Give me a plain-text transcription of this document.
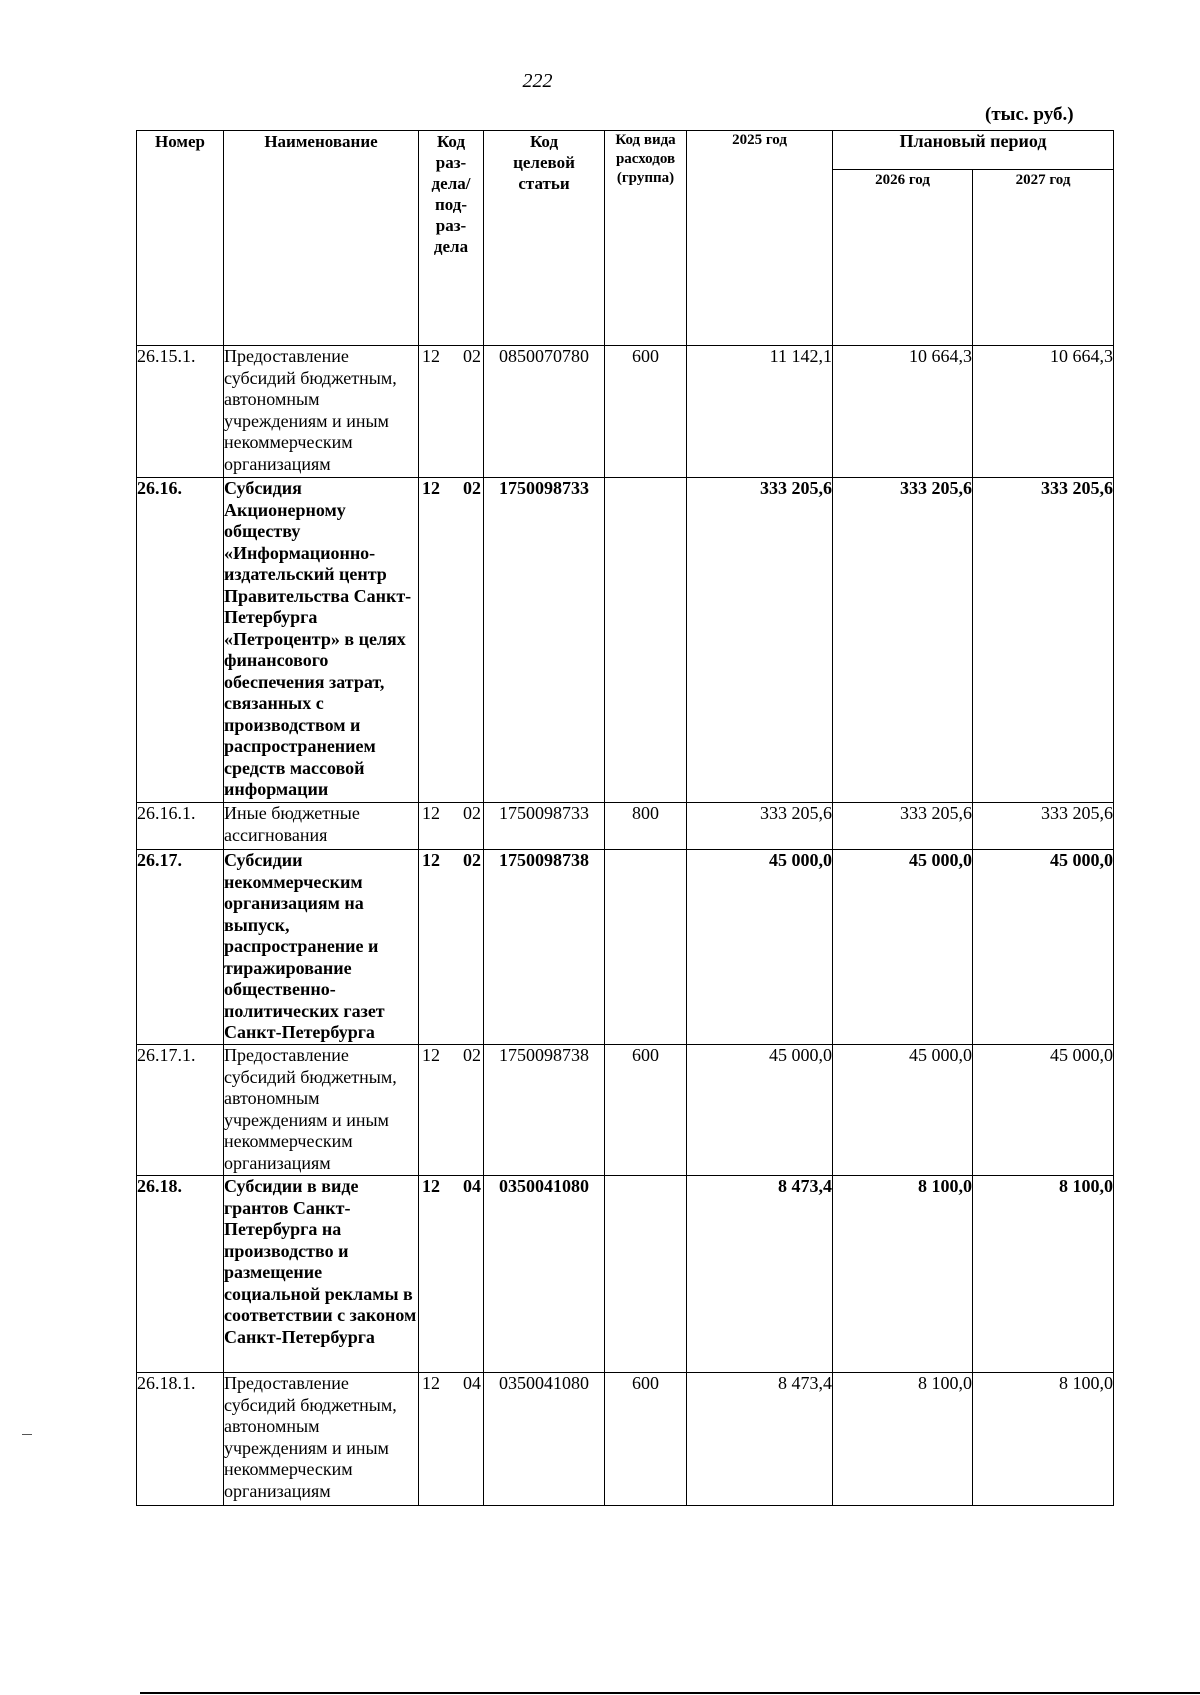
222
(тыс. руб.)
Номер	Наименование	Код раз- дела/ под- раз- дела	Код целевой статьи	Код вида расходов (группа)	2025 год	Плановый период	
						2026 год	2027 год
26.15.1.	Предоставление субсидий бюджетным, автономным учреждениям и иным некоммерческим организациям	12 02	0850070780	600	11 142,1	10 664,3	10 664,3
26.16.	Субсидия Акционерному обществу «Информационно-издательский центр Правительства Санкт-Петербурга «Петроцентр» в целях финансового обеспечения затрат, связанных с производством и распространением средств массовой информации	12 02	1750098733		333 205,6	333 205,6	333 205,6
26.16.1.	Иные бюджетные ассигнования	12 02	1750098733	800	333 205,6	333 205,6	333 205,6
26.17.	Субсидии некоммерческим организациям на выпуск, распространение и тиражирование общественно-политических газет Санкт-Петербурга	12 02	1750098738		45 000,0	45 000,0	45 000,0
26.17.1.	Предоставление субсидий бюджетным, автономным учреждениям и иным некоммерческим организациям	12 02	1750098738	600	45 000,0	45 000,0	45 000,0
26.18.	Субсидии в виде грантов Санкт-Петербурга на производство и размещение социальной рекламы в соответствии с законом Санкт-Петербурга	12 04	0350041080		8 473,4	8 100,0	8 100,0
26.18.1.	Предоставление субсидий бюджетным, автономным учреждениям и иным некоммерческим организациям	12 04	0350041080	600	8 473,4	8 100,0	8 100,0
